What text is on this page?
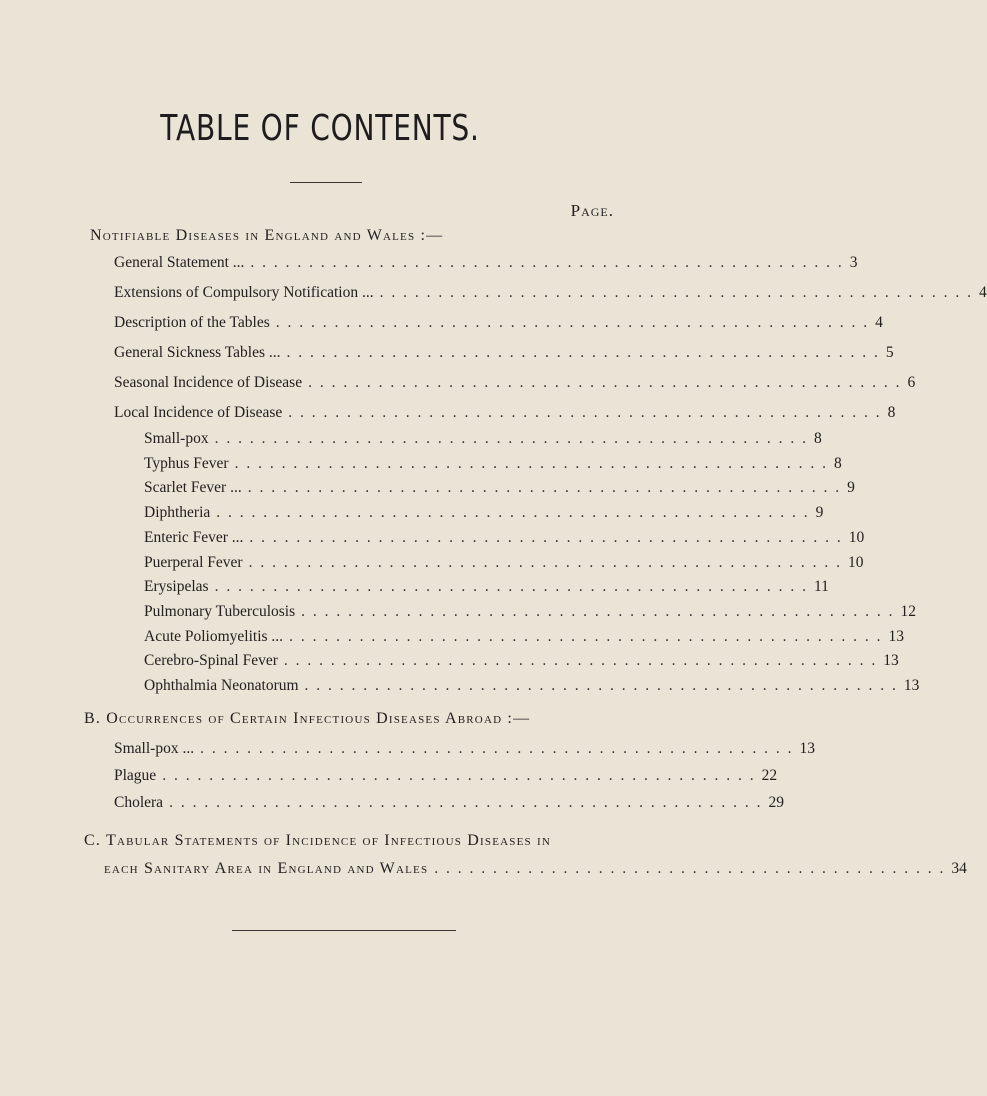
TABLE OF CONTENTS.
Page.
Notifiable Diseases in England and Wales :—
General Statement ... . . . . . . . . . . . . . . . . . . . . . . . . . . . . . . . . . . . . . . . . . . . . . . . . . . . 3
Extensions of Compulsory Notification ... . . . . . . . . . . . . . . . . . . . . . . . . . . . . . . . . . . . . . . . . . . . . . . . . . . . 4
Description of the Tables . . . . . . . . . . . . . . . . . . . . . . . . . . . . . . . . . . . . . . . . . . . . . . . . . . . 4
General Sickness Tables ... . . . . . . . . . . . . . . . . . . . . . . . . . . . . . . . . . . . . . . . . . . . . . . . . . . . 5
Seasonal Incidence of Disease . . . . . . . . . . . . . . . . . . . . . . . . . . . . . . . . . . . . . . . . . . . . . . . . . . . 6
Local Incidence of Disease . . . . . . . . . . . . . . . . . . . . . . . . . . . . . . . . . . . . . . . . . . . . . . . . . . . 8
Small-pox . . . . . . . . . . . . . . . . . . . . . . . . . . . . . . . . . . . . . . . . . . . . . . . . . . . 8
Typhus Fever . . . . . . . . . . . . . . . . . . . . . . . . . . . . . . . . . . . . . . . . . . . . . . . . . . . 8
Scarlet Fever ... . . . . . . . . . . . . . . . . . . . . . . . . . . . . . . . . . . . . . . . . . . . . . . . . . . . 9
Diphtheria . . . . . . . . . . . . . . . . . . . . . . . . . . . . . . . . . . . . . . . . . . . . . . . . . . . 9
Enteric Fever ... . . . . . . . . . . . . . . . . . . . . . . . . . . . . . . . . . . . . . . . . . . . . . . . . . . . 10
Puerperal Fever . . . . . . . . . . . . . . . . . . . . . . . . . . . . . . . . . . . . . . . . . . . . . . . . . . . 10
Erysipelas . . . . . . . . . . . . . . . . . . . . . . . . . . . . . . . . . . . . . . . . . . . . . . . . . . . 11
Pulmonary Tuberculosis . . . . . . . . . . . . . . . . . . . . . . . . . . . . . . . . . . . . . . . . . . . . . . . . . . . 12
Acute Poliomyelitis ... . . . . . . . . . . . . . . . . . . . . . . . . . . . . . . . . . . . . . . . . . . . . . . . . . . . 13
Cerebro-Spinal Fever . . . . . . . . . . . . . . . . . . . . . . . . . . . . . . . . . . . . . . . . . . . . . . . . . . . 13
Ophthalmia Neonatorum . . . . . . . . . . . . . . . . . . . . . . . . . . . . . . . . . . . . . . . . . . . . . . . . . . . 13
B. Occurrences of Certain Infectious Diseases Abroad :—
Small-pox ... . . . . . . . . . . . . . . . . . . . . . . . . . . . . . . . . . . . . . . . . . . . . . . . . . . . 13
Plague . . . . . . . . . . . . . . . . . . . . . . . . . . . . . . . . . . . . . . . . . . . . . . . . . . . 22
Cholera . . . . . . . . . . . . . . . . . . . . . . . . . . . . . . . . . . . . . . . . . . . . . . . . . . . 29
C. Tabular Statements of Incidence of Infectious Diseases in
each Sanitary Area in England and Wales . . . . . . . . . . . . . . . . . . . . . . . . . . . . . . . . . . . . . . . . . . . . 34
